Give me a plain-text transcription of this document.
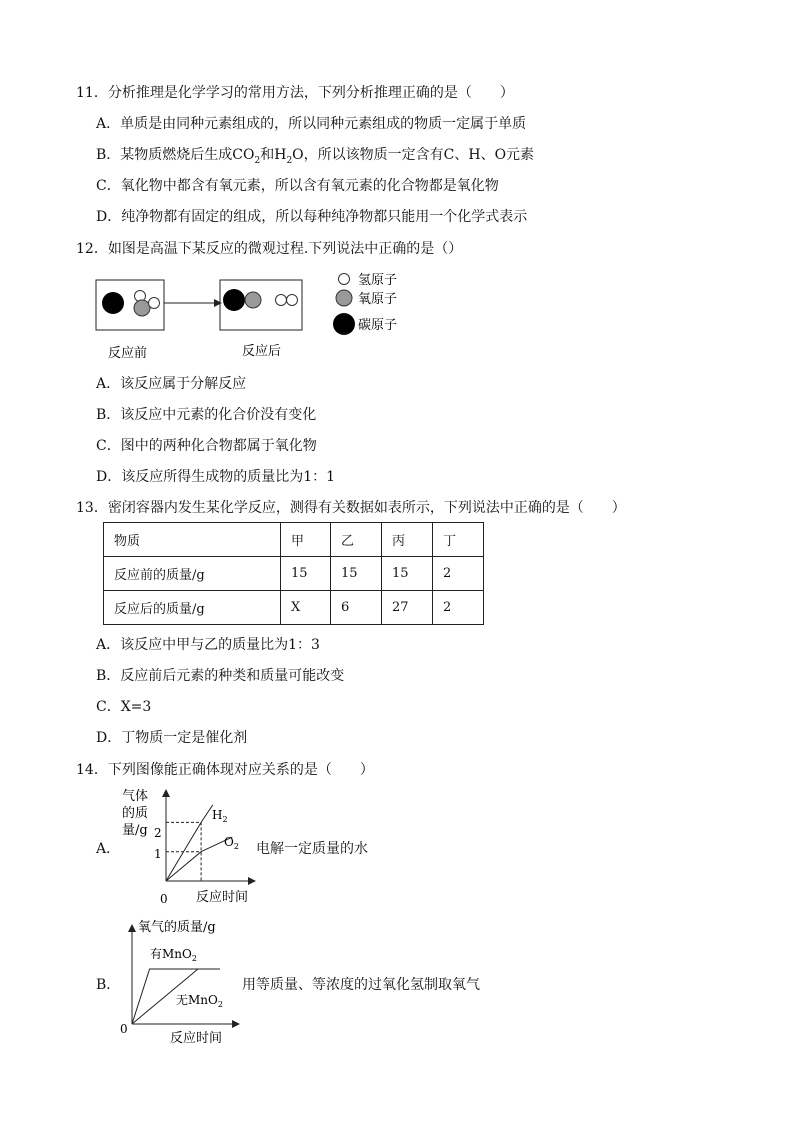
11．分析推理是化学学习的常用方法，下列分析推理正确的是（　　）
A．单质是由同种元素组成的，所以同种元素组成的物质一定属于单质
B．某物质燃烧后生成$CO_2$和$H_2O$，所以该物质一定含有C、H、O元素
C．氧化物中都含有氧元素，所以含有氧元素的化合物都是氧化物
D．纯净物都有固定的组成，所以每种纯净物都只能用一个化学式表示
12．如图是高温下某反应的微观过程.下列说法中正确的是（）
氢原子
氧原子
碳原子
反应前	反应后
A．该反应属于分解反应
B．该反应中元素的化合价没有变化
C．图中的两种化合物都属于氧化物
D．该反应所得生成物的质量比为1：1
13．密闭容器内发生某化学反应，测得有关数据如表所示，下列说法中正确的是（　　）
物质	甲	乙	丙	丁
反应前的质量/g	15	15	15	2
反应后的质量/g	X	6	27	2
A．该反应中甲与乙的质量比为1：3
B．反应前后元素的种类和质量可能改变
C．X=3
D．丁物质一定是催化剂
14．下列图像能正确体现对应关系的是（　　）
A．
气体
的质
量/g
0 反应时间
2
1
$H_2$
$O_2$ 电解一定质量的水
B．
氧气的质量/g
0
反应时间
有MnO$_2$
无MnO$_2$
用等质量、等浓度的过氧化氢制取氧气
